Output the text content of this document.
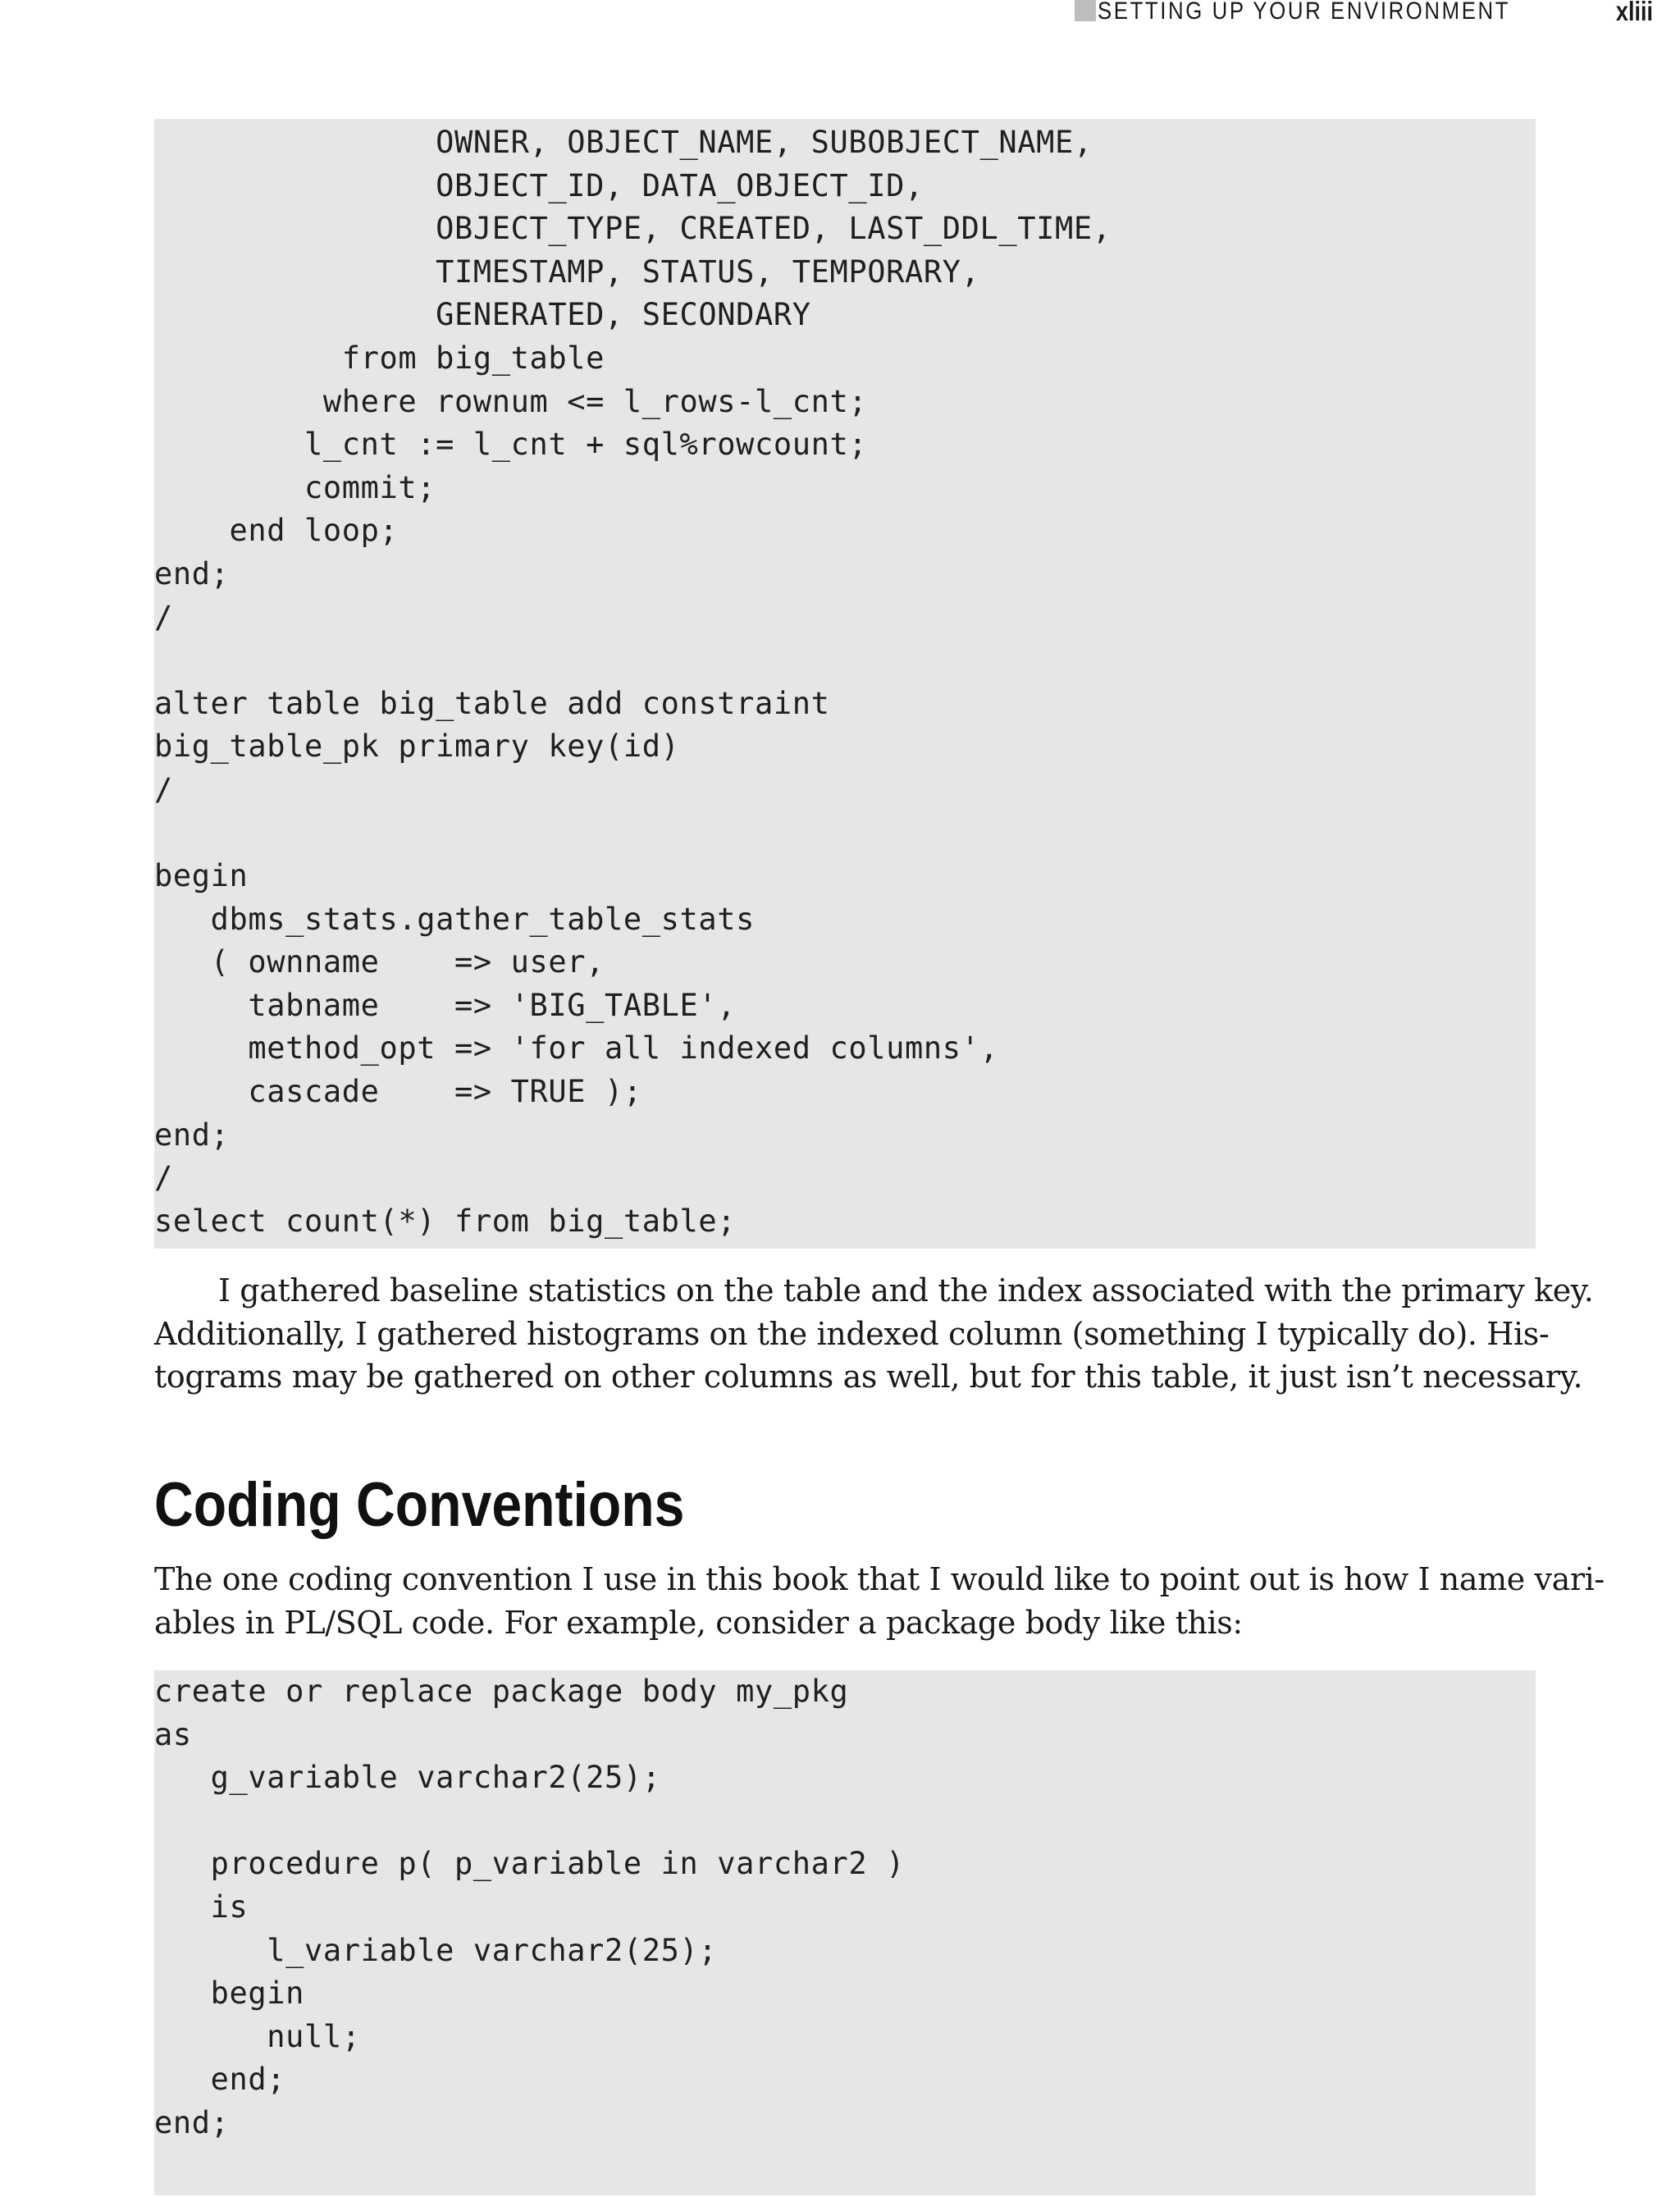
SETTING UP YOUR ENVIRONMENT	xliii
OWNER, OBJECT_NAME, SUBOBJECT_NAME,
OBJECT_ID, DATA_OBJECT_ID,
OBJECT_TYPE, CREATED, LAST_DDL_TIME,
TIMESTAMP, STATUS, TEMPORARY,
GENERATED, SECONDARY
from big_table
where rownum <= l_rows-l_cnt;
l_cnt := l_cnt + sql%rowcount;
commit;
end loop;
end;
/

alter table big_table add constraint
big_table_pk primary key(id)
/

begin
dbms_stats.gather_table_stats
( ownname    => user,
tabname    => 'BIG_TABLE',
method_opt => 'for all indexed columns',
cascade    => TRUE );
end;
/
select count(*) from big_table;
I gathered baseline statistics on the table and the index associated with the primary key.
Additionally, I gathered histograms on the indexed column (something I typically do). His-
tograms may be gathered on other columns as well, but for this table, it just isn’t necessary.
Coding Conventions
The one coding convention I use in this book that I would like to point out is how I name vari-
ables in PL/SQL code. For example, consider a package body like this:
create or replace package body my_pkg
as
g_variable varchar2(25);

procedure p( p_variable in varchar2 )
is
l_variable varchar2(25);
begin
null;
end;
end;
